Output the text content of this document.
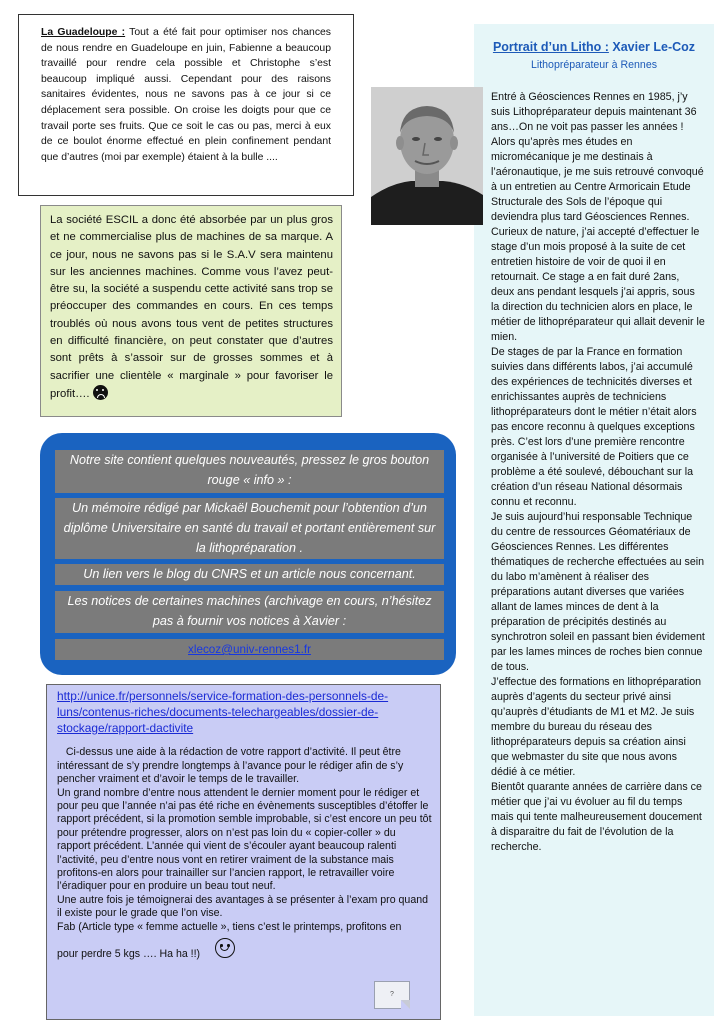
La Guadeloupe : Tout a été fait pour optimiser nos chances de nous rendre en Guadeloupe en juin, Fabienne a beaucoup travaillé pour rendre cela possible et Christophe s’est beaucoup impliqué aussi. Cependant pour des raisons sanitaires évidentes, nous ne savons pas à ce jour si ce déplacement sera possible. On croise les doigts pour que ce travail porte ses fruits. Que ce soit le cas ou pas, merci à eux de ce boulot énorme effectué en plein confinement pendant que d’autres (moi par exemple) étaient à la bulle ....

La société ESCIL a donc été absorbée par un plus gros et ne commercialise plus de machines de sa marque. A ce jour, nous ne savons pas si le S.A.V sera maintenu sur les anciennes machines. Comme vous l’avez peut-être su, la société a suspendu cette activité sans trop se préoccuper des commandes en cours. En ces temps troublés où nous avons tous vent de petites structures en difficulté financière, on peut constater que d’autres sont prêts à s’assoir sur de grosses sommes et à sacrifier une clientèle « marginale » pour favoriser le profit….

Notre site contient quelques nouveautés, pressez le gros bouton rouge « info » :
Un mémoire rédigé par Mickaël Bouchemit pour l’obtention d’un diplôme Universitaire en santé du travail et portant entièrement sur la lithopréparation .
Un lien vers le blog du CNRS et un article nous concernant.
Les notices de certaines machines (archivage en cours, n’hésitez pas à fournir vos notices à Xavier :
xlecoz@univ-rennes1.fr

http://unice.fr/personnels/service-formation-des-personnels-de-luns/contenus-riches/documents-telechargeables/dossier-de-stockage/rapport-dactivite

Ci-dessus une aide à la rédaction de votre rapport d’activité. Il peut être intéressant de s’y prendre longtemps à l’avance pour le rédiger afin de s’y pencher vraiment et d’avoir le temps de le travailler.

Un grand nombre d’entre nous attendent le dernier moment pour le rédiger et pour peu que l’année n’ai pas été riche en évènements susceptibles d’étoffer le rapport précédent, si la promotion semble improbable, si c’est encore un peu tôt pour prétendre progresser, alors on n’est pas loin du « copier-coller » du rapport précédent. L’année qui vient de s’écouler ayant beaucoup ralenti l’activité, peu d’entre nous vont en retirer vraiment de la substance mais profitons-en alors pour trainailler sur l’ancien rapport, le retravailler voire l’éradiquer pour en produire un beau tout neuf.

Une autre fois je témoignerai des avantages à se présenter à l’exam pro quand il existe pour le grade que l’on vise.

Fab (Article type « femme actuelle », tiens c’est le printemps, profitons en

pour perdre 5 kgs …. Ha ha !!)
?
Portrait d’un Litho : Xavier Le-Coz
Lithopréparateur à Rennes

Entré à Géosciences Rennes en 1985, j’y suis Lithopréparateur depuis maintenant 36 ans…On ne voit pas passer les années !

Alors qu’après mes études en micromécanique je me destinais à l’aéronautique, je me suis retrouvé convoqué à un entretien au Centre Armoricain Etude Structurale des Sols de l’époque qui deviendra plus tard Géosciences Rennes.

Curieux de nature, j’ai accepté d’effectuer le stage d’un mois proposé à la suite de cet entretien histoire de voir de quoi il en retournait. Ce stage a en fait duré 2ans, deux ans pendant lesquels j’ai appris, sous la direction du technicien alors en place, le métier de lithopréparateur qui allait devenir le mien.

De stages de par la France en formation suivies dans différents labos, j’ai accumulé des expériences de technicités diverses et enrichissantes auprès de techniciens lithopréparateurs dont le métier n’était alors pas encore reconnu à quelques exceptions près. C’est lors d’une première rencontre organisée à l’université de Poitiers que ce problème a été soulevé, débouchant sur la création d’un réseau National désormais connu et reconnu.

Je suis aujourd’hui responsable Technique du centre de ressources Géomatériaux de Géosciences Rennes. Les différentes thématiques de recherche effectuées au sein du labo m’amènent à réaliser des préparations autant diverses que variées allant de lames minces de dent à la préparation de précipités destinés au synchrotron soleil en passant bien évidement par les lames minces de roches bien connue de tous.

J’effectue des formations en lithopréparation auprès d’agents du secteur privé ainsi qu’auprès d’étudiants de M1 et M2. Je suis membre du bureau du réseau des lithopréparateurs depuis sa création ainsi que webmaster du site que nous avons dédié à ce métier.

Bientôt quarante années de carrière dans ce métier que j’ai vu évoluer au fil du temps mais qui tente malheureusement doucement à disparaitre du fait de l’évolution de la recherche.
